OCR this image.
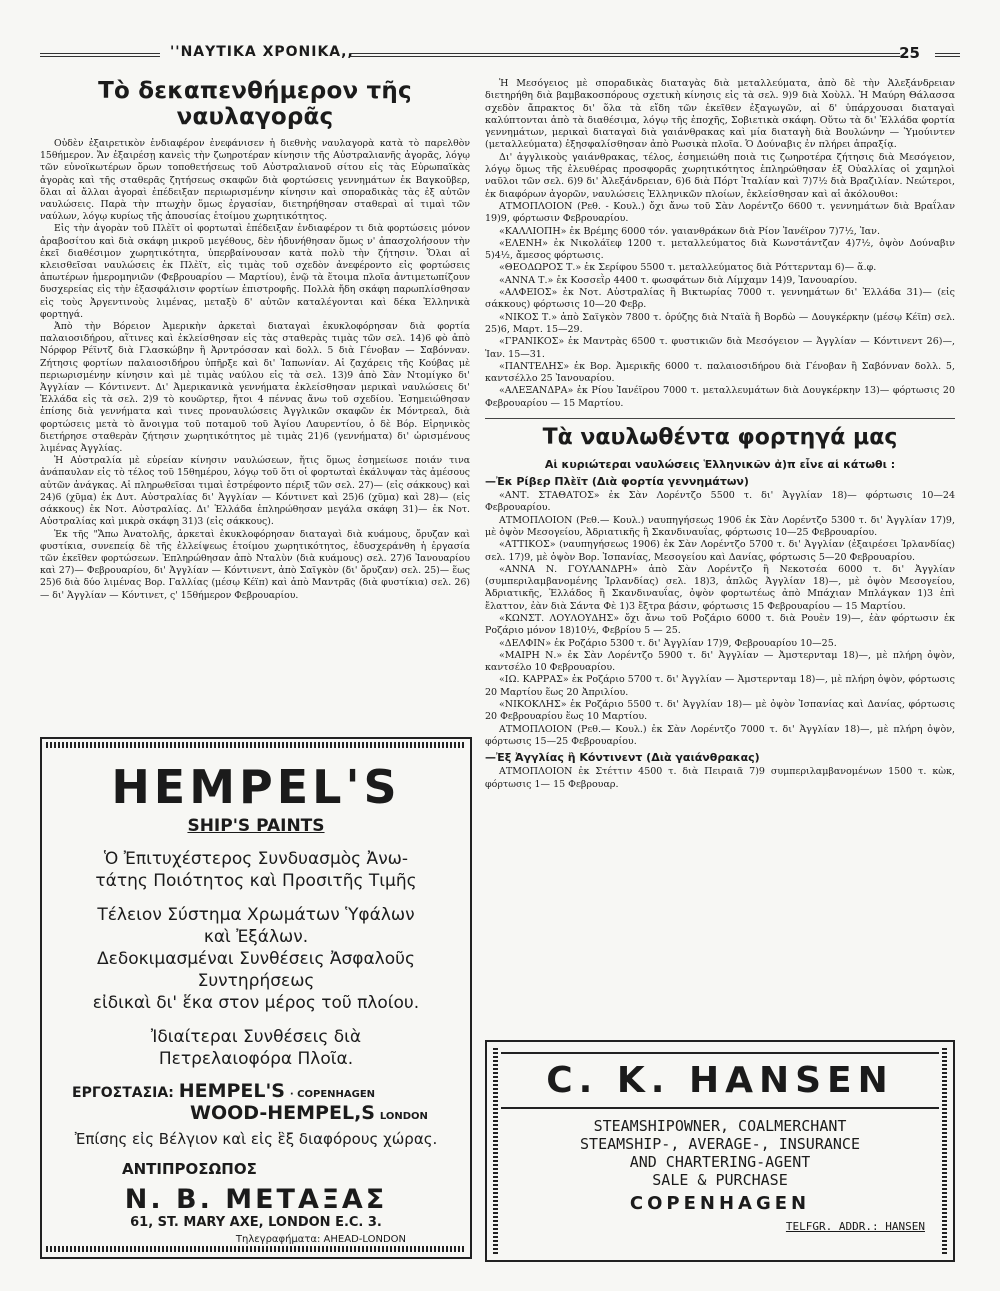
''ΝΑΥΤΙΚΑ ΧΡΟΝΙΚΑ,,	25
Τὸ δεκαπενθήμερον τῆς ναυλαγορᾶς

Οὐδὲν ἐξαιρετικὸν ἐνδιαφέρον ἐνεφάνισεν ἡ διεθνὴς ναυλαγορὰ κατὰ τὸ παρελθὸν 15θήμερον. Ἄν ἐξαιρέσῃ κανεὶς τὴν ζωηροτέραν κίνησιν τῆς Αὐστραλιανῆς ἀγορᾶς, λόγῳ τῶν εὐνοϊκωτέρων ὅρων τοποθετήσεως τοῦ Αὐστραλιανοῦ σίτου εἰς τὰς Εὐρωπαϊκὰς ἀγορὰς καὶ τῆς σταθερᾶς ζητήσεως σκαφῶν διὰ φορτώσεις γεννημάτων ἐκ Βαγκοῦβερ, ὅλαι αἱ ἄλλαι ἀγοραὶ ἐπέδειξαν περιωρισμένην κίνησιν καὶ σποραδικὰς τὰς ἐξ αὐτῶν ναυλώσεις. Παρὰ τὴν πτωχὴν ὅμως ἐργασίαν, διετηρήθησαν σταθεραὶ αἱ τιμαὶ τῶν ναύλων, λόγῳ κυρίως τῆς ἀπουσίας ἑτοίμου χωρητικότητος.

Εἰς τὴν ἀγορὰν τοῦ Πλὲϊτ οἱ φορτωταὶ ἐπέδειξαν ἐνδιαφέρον τι διὰ φορτώσεις μόνον ἀραβοσίτου καὶ διὰ σκάφη μικροῦ μεγέθους, δὲν ἠδυνήθησαν ὅμως ν' ἀπασχολήσουν τὴν ἐκεῖ διαθέσιμον χωρητικότητα, ὑπερβαίνουσαν κατὰ πολὺ τὴν ζήτησιν. Ὅλαι αἱ κλεισθεῖσαι ναυλώσεις ἐκ Πλὲϊτ, εἰς τιμὰς τοῦ σχεδὸν ἀνεφέροντο εἰς φορτώσεις ἀπωτέρων ἡμερομηνιῶν (Φεβρουαρίου — Μαρτίου), ἐνῷ τὰ ἕτοιμα πλοῖα ἀντιμετωπίζουν δυσχερείας εἰς τὴν ἐξασφάλισιν φορτίων ἐπιστροφῆς. Πολλὰ ἤδη σκάφη παρωπλίσθησαν εἰς τοὺς Ἀργεντινοὺς λιμένας, μεταξὺ δ' αὐτῶν καταλέγονται καὶ δέκα Ἑλληνικὰ φορτηγά.

Ἀπὸ τὴν Βόρειον Ἀμερικὴν ἀρκεταὶ διαταγαὶ ἐκυκλοφόρησαν διὰ φορτία παλαιοσιδήρου, αἵτινες καὶ ἐκλείσθησαν εἰς τὰς σταθερὰς τιμὰς τῶν σελ. 14)6 φὸ ἀπὸ Νόρφορ Ρέϊντζ διὰ Γλασκώβην ἢ Ἀρντρόσσαν καὶ δολλ. 5 διὰ Γένοβαν — Σαβόνναν. Ζήτησις φορτίων παλαιοσιδήρου ὑπῆρξε καὶ δι' Ἰαπωνίαν. Αἱ ζαχάρεις τῆς Κούβας μὲ περιωρισμένην κίνησιν καὶ μὲ τιμὰς ναύλου εἰς τὰ σελ. 13)9 ἀπὸ Σὰν Ντομίγκο δι' Ἀγγλίαν — Κόντινεντ. Δι' Ἀμερικανικὰ γεννήματα ἐκλείσθησαν μερικαὶ ναυλώσεις δι' Ἑλλάδα εἰς τὰ σελ. 2)9 τὸ κουῶρτερ, ἤτοι 4 πέννας ἄνω τοῦ σχεδίου. Ἐσημειώθησαν ἐπίσης διὰ γεννήματα καὶ τινες προναυλώσεις Ἀγγλικῶν σκαφῶν ἐκ Μόντρεαλ, διὰ φορτώσεις μετὰ τὸ ἄνοιγμα τοῦ ποταμοῦ τοῦ Ἁγίου Λαυρεντίου, ὁ δὲ Βόρ. Εἰρηνικὸς διετήρησε σταθερὰν ζήτησιν χωρητικότητος μὲ τιμὰς 21)6 (γεννήματα) δι' ὡρισμένους λιμένας Ἀγγλίας.

Ἡ Αὐστραλία μὲ εὐρείαν κίνησιν ναυλώσεων, ἥτις ὅμως ἐσημείωσε ποιάν τινα ἀνάπαυλαν εἰς τὸ τέλος τοῦ 15θημέρου, λόγῳ τοῦ ὅτι οἱ φορτωταὶ ἐκάλυψαν τὰς ἀμέσους αὐτῶν ἀνάγκας. Αἱ πληρωθεῖσαι τιμαὶ ἐστρέφοντο πέριξ τῶν σελ. 27)— (εἰς σάκκους) καὶ 24)6 (χῦμα) ἐκ Δυτ. Αὐστραλίας δι' Ἀγγλίαν — Κόντινετ καὶ 25)6 (χῦμα) καὶ 28)— (εἰς σάκκους) ἐκ Νοτ. Αὐστραλίας. Δι' Ἑλλάδα ἐπληρώθησαν μεγάλα σκάφη 31)— ἐκ Νοτ. Αὐστραλίας καὶ μικρὰ σκάφη 31)3 (εἰς σάκκους).

Ἐκ τῆς "Ἄπω Ἀνατολῆς, ἀρκεταὶ ἐκυκλοφόρησαν διαταγαὶ διὰ κυάμους, ὄρυζαν καὶ φυστίκια, συνεπείᾳ δὲ τῆς ἐλλείψεως ἑτοίμου χωρητικότητος, ἐδυσχεράνθη ἡ ἐργασία τῶν ἐκεῖθεν φορτώσεων. Ἐπληρώθησαν ἀπὸ Νταλὺν (διὰ κυάμους) σελ. 27)6 Ἰανουαρίου καὶ 27)— Φεβρουαρίου, δι' Ἀγγλίαν — Κόντινεντ, ἀπὸ Σαϊγκὸν (δι' ὄρυζαν) σελ. 25)— ἕως 25)6 διὰ δύο λιμένας Βορ. Γαλλίας (μέσῳ Κέϊπ) καὶ ἀπὸ Μαντρᾶς (διὰ φυστίκια) σελ. 26)— δι' Ἀγγλίαν — Κόντινετ, ς' 15θήμερον Φεβρουαρίου.

HEMPEL'S
SHIP'S PAINTS
Ὁ Ἐπιτυχέστερος Συνδυασμὸς Ἀνω-
τάτης Ποιότητος καὶ Προσιτῆς Τιμῆς
Τέλειον Σύστημα Χρωμάτων Ὑφάλων
καὶ Ἐξάλων.
Δεδοκιμασμέναι Συνθέσεις Ἀσφαλοῦς
Συντηρήσεως
εἰδικαὶ δι' ἕκα στον μέρος τοῦ πλοίου.
Ἰδιαίτεραι Συνθέσεις διὰ
Πετρελαιοφόρα Πλοῖα.
ΕΡΓΟΣΤΑΣΙΑ: HEMPEL'S · COPENHAGEN
WOOD-HEMPEL,S LONDON
Ἐπίσης εἰς Βέλγιον καὶ εἰς ἓξ διαφόρους χώρας.
ΑΝΤΙΠΡΟΣΩΠΟΣ
Ν. Β. ΜΕΤΑΞΑΣ
61, ST. MARY AXE, LONDON E.C. 3.
Τηλεγραφήματα: AHEAD-LONDON

Ἡ Μεσόγειος μὲ σποραδικὰς διαταγὰς διὰ μεταλλεύματα, ἀπὸ δὲ τὴν Ἀλεξάνδρειαν διετηρήθη διὰ βαμβακοσπόρους σχετικὴ κίνησις εἰς τὰ σελ. 9)9 διὰ Χοὺλλ. Ἡ Μαύρη Θάλασσα σχεδὸν ἄπρακτος δι' ὅλα τὰ εἴδη τῶν ἐκεῖθεν ἐξαγωγῶν, αἱ δ' ὑπάρχουσαι διαταγαὶ καλύπτονται ἀπὸ τὰ διαθέσιμα, λόγῳ τῆς ἐποχῆς, Σοβιετικὰ σκάφη. Οὕτω τὰ δι' Ἑλλάδα φορτία γεννημάτων, μερικαὶ διαταγαὶ διὰ γαιάνθρακας καὶ μία διαταγὴ διὰ Βουλώνην — Ὑμούιντεν (μεταλλεύματα) ἐξησφαλίσθησαν ἀπὸ Ρωσικὰ πλοῖα. Ὁ Δούναβις ἐν πλήρει ἀπραξίᾳ.

Δι' ἀγγλικοὺς γαιάνθρακας, τέλος, ἐσημειώθη ποιὰ τις ζωηροτέρα ζήτησις διὰ Μεσόγειον, λόγῳ ὅμως τῆς ἐλευθέρας προσφορᾶς χωρητικότητος ἐπληρώθησαν ἐξ Οὐαλλίας οἱ χαμηλοὶ ναῦλοι τῶν σελ. 6)9 δι' Ἀλεξάνδρειαν, 6)6 διὰ Πόρτ Ἰταλίαν καὶ 7)7½ διὰ Βραζιλίαν. Νεώτεροι, ἐκ διαφόρων ἀγορῶν, ναυλώσεις Ἑλληνικῶν πλοίων, ἐκλείσθησαν καὶ αἱ ἀκόλουθοι:

ΑΤΜΟΠΛΟΙΟΝ (Ρεθ. - Κουλ.) ὄχι ἄνω τοῦ Σὰν Λορέντζο 6600 τ. γεννημάτων διὰ Βραΐλαν 19)9, φόρτωσιν Φεβρουαρίου.

«ΚΑΛΛΙΟΠΗ» ἐκ Βρέμης 6000 τόν. γαιανθράκων διὰ Ρίον Ἰανέϊρον 7)7½, Ἰαν.

«ΕΛΕΝΗ» ἐκ Νικολάϊεφ 1200 τ. μεταλλεύματος διὰ Κωνστάντζαν 4)7½, ὀψὸν Δούναβιν 5)4½, ἄμεσος φόρτωσις.

«ΘΕΟΔΩΡΟΣ Τ.» ἐκ Σερίφου 5500 τ. μεταλλεύματος διὰ Ρόττερνταμ 6)— ἅ.φ.

«ΑΝΝΑ Τ.» ἐκ Κοσσεῒρ 4400 τ. φωσφάτων διὰ Λίμχαμν 14)9, Ἰανουαρίου.

«ΑΛΦΕΙΟΣ» ἐκ Νοτ. Αὐστραλίας ἢ Βικτωρίας 7000 τ. γεννημάτων δι' Ἑλλάδα 31)— (εἰς σάκκους) φόρτωσις 10—20 Φεβρ.

«ΝΙΚΟΣ Τ.» ἀπὸ Σαϊγκὸν 7800 τ. ὀρύζης διὰ Νταϊὰ ἢ Βορδὼ — Δουγκέρκην (μέσῳ Κέϊπ) σελ. 25)6, Μαρτ. 15—29.

«ΓΡΑΝΙΚΟΣ» ἐκ Μαντρὰς 6500 τ. φυστικιῶν διὰ Μεσόγειον — Ἀγγλίαν — Κόντινεντ 26)—, Ἰαν. 15—31.

«ΠΑΝΤΕΛΗΣ» ἐκ Βορ. Ἀμερικῆς 6000 τ. παλαιοσιδήρου διὰ Γένοβαν ἢ Σαβόνναν δολλ. 5, καντσέλλο 25 Ἰανουαρίου.

«ΑΛΕΞΑΝΔΡΑ» ἐκ Ρίου Ἰανέϊρου 7000 τ. μεταλλευμάτων διὰ Δουγκέρκην 13)— φόρτωσις 20 Φεβρουαρίου — 15 Μαρτίου.

Τὰ ναυλωθέντα φορτηγά μας
Αἱ κυριώτεραι ναυλώσεις Ἑλληνικῶν ἀ)π εἶνε αἱ κάτωθι :
—Ἐκ Ρίβερ Πλὲϊτ (Διὰ φορτία γεννημάτων)

«ΑΝΤ. ΣΤΑΘΑΤΟΣ» ἐκ Σὰν Λορέντζο 5500 τ. δι' Ἀγγλίαν 18)— φόρτωσις 10—24 Φεβρουαρίου.

ΑΤΜΟΠΛΟΙΟΝ (Ρεθ.— Κουλ.) ναυπηγήσεως 1906 ἐκ Σὰν Λορέντζο 5300 τ. δι' Ἀγγλίαν 17)9, μὲ ὀψὸν Μεσογείου, Ἀδριατικῆς ἢ Σκανδιναυΐας, φόρτωσις 10—25 Φεβρουαρίου.

«ΑΤΤΙΚΟΣ» (ναυπηγήσεως 1906) ἐκ Σὰν Λορέντζο 5700 τ. δι' Ἀγγλίαν (ἐξαιρέσει Ἰρλανδίας) σελ. 17)9, μὲ ὀψὸν Βορ. Ἰσπανίας, Μεσογείου καὶ Δανίας, φόρτωσις 5—20 Φεβρουαρίου.

«ΑΝΝΑ Ν. ΓΟΥΛΑΝΔΡΗ» ἀπὸ Σὰν Λορέντζο ἢ Νεκοτσέα 6000 τ. δι' Ἀγγλίαν (συμπεριλαμβανομένης Ἰρλανδίας) σελ. 18)3, ἁπλῶς Ἀγγλίαν 18)—, μὲ ὀψὸν Μεσογείου, Ἀδριατικῆς, Ἑλλάδος ἢ Σκανδιναυΐας, ὀψὸν φορτωτέως ἀπὸ Μπάχιαν Μπλάγκαν 1)3 ἐπὶ ἔλαττον, ἐὰν διὰ Σάντα Φὲ 1)3 ἔξτρα βάσιν, φόρτωσις 15 Φεβρουαρίου — 15 Μαρτίου.

«ΚΩΝΣΤ. ΛΟΥΛΟΥΔΗΣ» ὄχι ἄνω τοῦ Ροζάριο 6000 τ. διὰ Ρουὲν 19)—, ἐὰν φόρτωσιν ἐκ Ροζάριο μόνον 18)10½, Φεβρίου 5 — 25.

«ΔΕΛΦΙΝ» ἐκ Ροζάριο 5300 τ. δι' Ἀγγλίαν 17)9, Φεβρουαρίου 10—25.

«ΜΑΙΡΗ Ν.» ἐκ Σὰν Λορέντζο 5900 τ. δι' Ἀγγλίαν — Ἀμστερνταμ 18)—, μὲ πλήρη ὀψὸν, καντσέλο 10 Φεβρουαρίου.

«ΙΩ. ΚΑΡΡΑΣ» ἐκ Ροζάριο 5700 τ. δι' Ἀγγλίαν — Ἀμστερνταμ 18)—, μὲ πλήρη ὀψὸν, φόρτωσις 20 Μαρτίου ἕως 20 Ἀπριλίου.

«ΝΙΚΟΚΛΗΣ» ἐκ Ροζάριο 5500 τ. δι' Ἀγγλίαν 18)— μὲ ὀψὸν Ἰσπανίας καὶ Δανίας, φόρτωσις 20 Φεβρουαρίου ἕως 10 Μαρτίου.

ΑΤΜΟΠΛΟΙΟΝ (Ρεθ.— Κουλ.) ἐκ Σὰν Λορέντζο 7000 τ. δι' Ἀγγλίαν 18)—, μὲ πλήρη ὀψὸν, φόρτωσις 15—25 Φεβρουαρίου.

—Ἐξ Ἀγγλίας ἢ Κόντινεντ (Διὰ γαιάνθρακας)

ΑΤΜΟΠΛΟΙΟΝ ἐκ Στέττιν 4500 τ. διὰ Πειραιᾶ 7)9 συμπεριλαμβανομένων 1500 τ. κὼκ, φόρτωσις 1— 15 Φεβρουαρ.

C. K. HANSEN
STEAMSHIPOWNER, COALMERCHANT
STEAMSHIP-, AVERAGE-, INSURANCE
AND CHARTERING-AGENT
SALE & PURCHASE
COPENHAGEN
TELFGR. ADDR.: HANSEN
